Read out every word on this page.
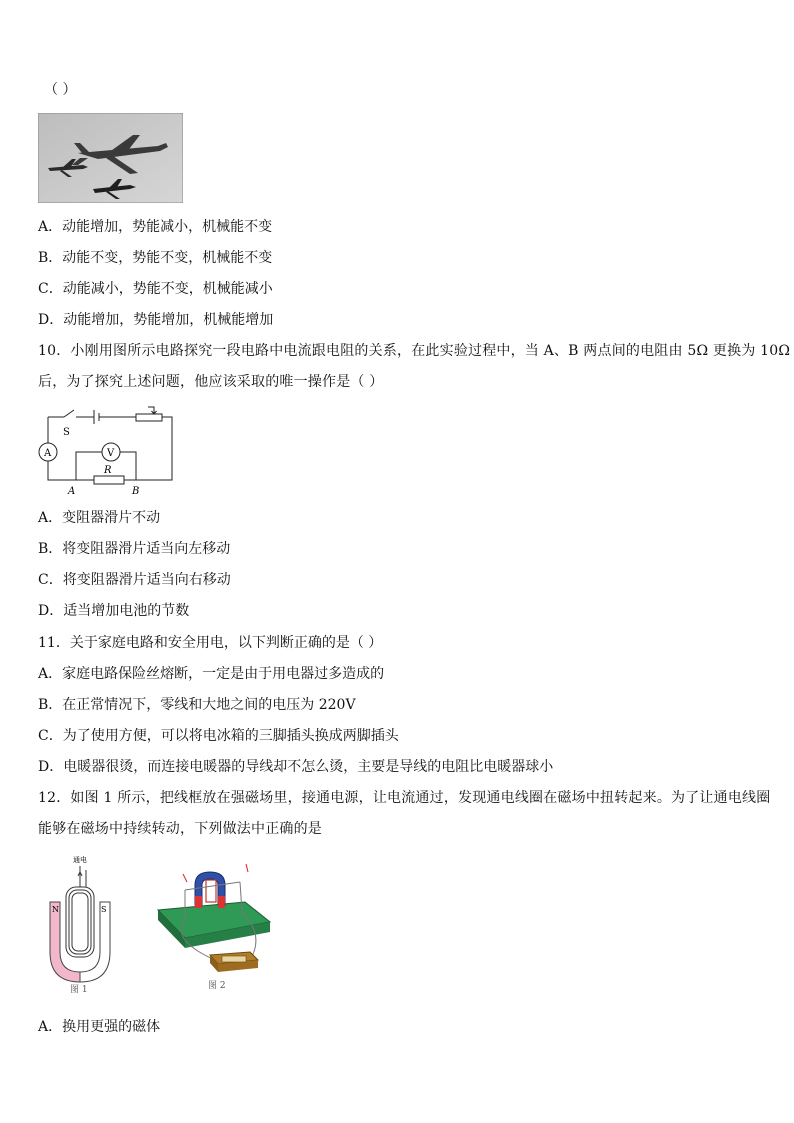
（ ）
A．动能增加，势能减小，机械能不变
B．动能不变，势能不变，机械能不变
C．动能减小，势能不变，机械能减小
D．动能增加，势能增加，机械能增加
10．小刚用图所示电路探究一段电路中电流跟电阻的关系，在此实验过程中，当 A、B 两点间的电阻由 5Ω 更换为 10Ω
后，为了探究上述问题，他应该采取的唯一操作是（ ）
S
A	V
R
A	B
A．变阻器滑片不动
B．将变阻器滑片适当向左移动
C．将变阻器滑片适当向右移动
D．适当增加电池的节数
11．关于家庭电路和安全用电，以下判断正确的是（ ）
A．家庭电路保险丝熔断，一定是由于用电器过多造成的
B．在正常情况下，零线和大地之间的电压为 220V
C．为了使用方便，可以将电冰箱的三脚插头换成两脚插头
D．电暖器很烫，而连接电暖器的导线却不怎么烫，主要是导线的电阻比电暖器球小
12．如图 1 所示，把线框放在强磁场里，接通电源，让电流通过，发现通电线圈在磁场中扭转起来。为了让通电线圈
能够在磁场中持续转动，下列做法中正确的是
N	S
通电
图 1	图 2
A．换用更强的磁体
